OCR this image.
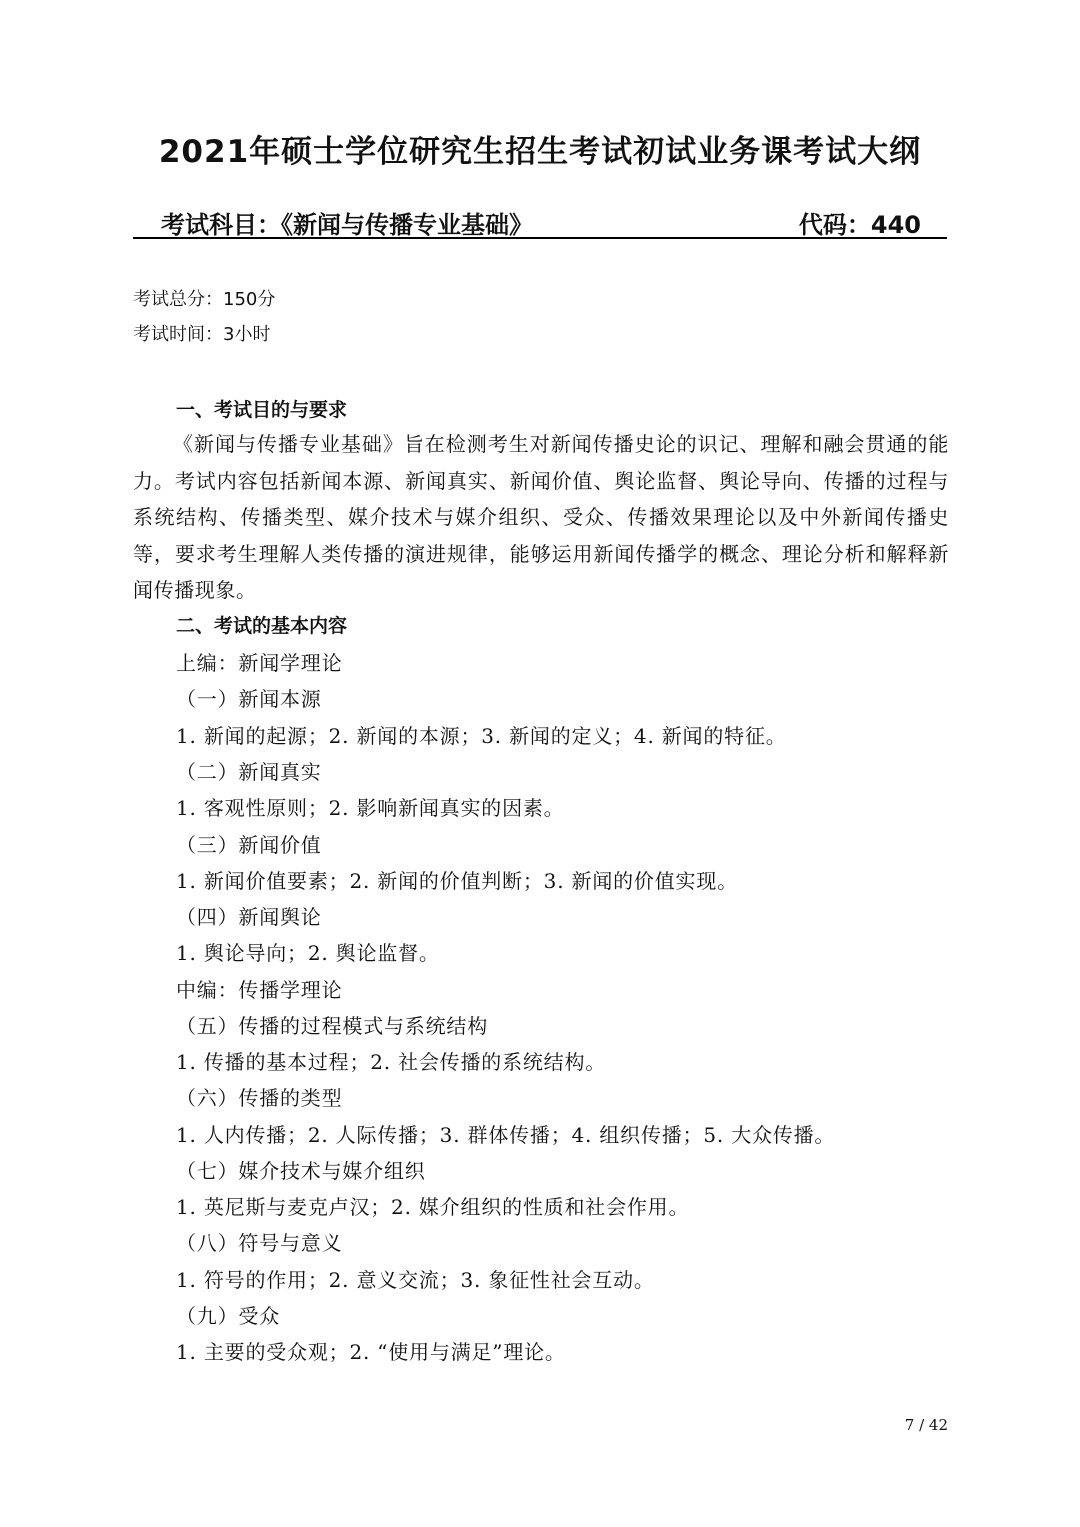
2021年硕士学位研究生招生考试初试业务课考试大纲
考试科目：《新闻与传播专业基础》	代码：440
考试总分：150分
考试时间：3小时
一、考试目的与要求
《新闻与传播专业基础》旨在检测考生对新闻传播史论的识记、理解和融会贯通的能力。考试内容包括新闻本源、新闻真实、新闻价值、舆论监督、舆论导向、传播的过程与系统结构、传播类型、媒介技术与媒介组织、受众、传播效果理论以及中外新闻传播史等，要求考生理解人类传播的演进规律，能够运用新闻传播学的概念、理论分析和解释新闻传播现象。
二、考试的基本内容
上编：新闻学理论
（一）新闻本源
1. 新闻的起源；2. 新闻的本源；3. 新闻的定义；4. 新闻的特征。
（二）新闻真实
1. 客观性原则；2. 影响新闻真实的因素。
（三）新闻价值
1. 新闻价值要素；2. 新闻的价值判断；3. 新闻的价值实现。
（四）新闻舆论
1. 舆论导向；2. 舆论监督。
中编：传播学理论
（五）传播的过程模式与系统结构
1. 传播的基本过程；2. 社会传播的系统结构。
（六）传播的类型
1. 人内传播；2. 人际传播；3. 群体传播；4. 组织传播；5. 大众传播。
（七）媒介技术与媒介组织
1. 英尼斯与麦克卢汉；2. 媒介组织的性质和社会作用。
（八）符号与意义
1. 符号的作用；2. 意义交流；3. 象征性社会互动。
（九）受众
1. 主要的受众观；2. “使用与满足”理论。
7 / 42
